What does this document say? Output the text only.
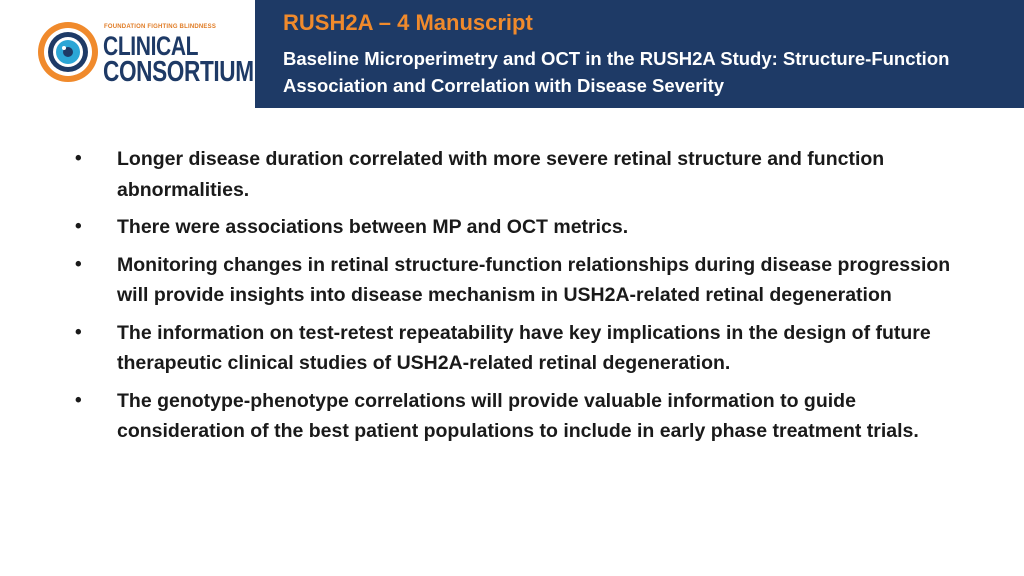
FOUNDATION FIGHTING BLINDNESS
CLINICAL
CONSORTIUM
RUSH2A – 4 Manuscript
Baseline Microperimetry and OCT in the RUSH2A Study: Structure-Function Association and Correlation with Disease Severity
• Longer disease duration correlated with more severe retinal structure and function abnormalities.
• There were associations between MP and OCT metrics.
• Monitoring changes in retinal structure-function relationships during disease progression will provide insights into disease mechanism in USH2A-related retinal degeneration
• The information on test-retest repeatability have key implications in the design of future therapeutic clinical studies of USH2A-related retinal degeneration.
• The genotype-phenotype correlations will provide valuable information to guide consideration of the best patient populations to include in early phase treatment trials.
